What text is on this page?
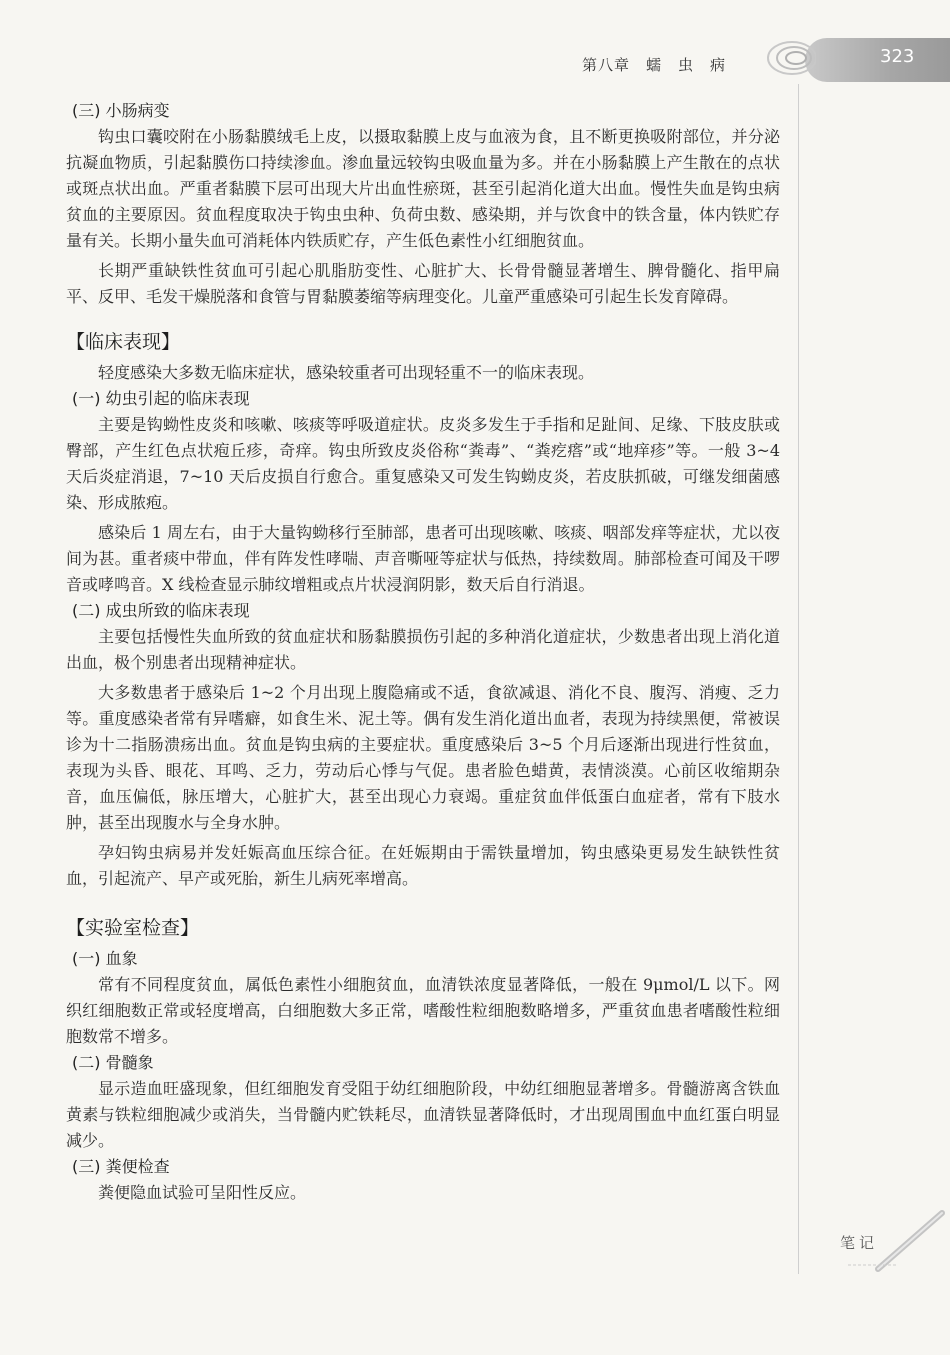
323
第八章　蠕　虫　病

(三) 小肠病变

钩虫口囊咬附在小肠黏膜绒毛上皮，以摄取黏膜上皮与血液为食，且不断更换吸附部位，并分泌抗凝血物质，引起黏膜伤口持续渗血。渗血量远较钩虫吸血量为多。并在小肠黏膜上产生散在的点状或斑点状出血。严重者黏膜下层可出现大片出血性瘀斑，甚至引起消化道大出血。慢性失血是钩虫病贫血的主要原因。贫血程度取决于钩虫虫种、负荷虫数、感染期，并与饮食中的铁含量，体内铁贮存量有关。长期小量失血可消耗体内铁质贮存，产生低色素性小红细胞贫血。

长期严重缺铁性贫血可引起心肌脂肪变性、心脏扩大、长骨骨髓显著增生、脾骨髓化、指甲扁平、反甲、毛发干燥脱落和食管与胃黏膜萎缩等病理变化。儿童严重感染可引起生长发育障碍。

【临床表现】

轻度感染大多数无临床症状，感染较重者可出现轻重不一的临床表现。

(一) 幼虫引起的临床表现

主要是钩蚴性皮炎和咳嗽、咳痰等呼吸道症状。皮炎多发生于手指和足趾间、足缘、下肢皮肤或臀部，产生红色点状疱丘疹，奇痒。钩虫所致皮炎俗称“粪毒”、“粪疙瘩”或“地痒疹”等。一般 3~4 天后炎症消退，7~10 天后皮损自行愈合。重复感染又可发生钩蚴皮炎，若皮肤抓破，可继发细菌感染、形成脓疱。

感染后 1 周左右，由于大量钩蚴移行至肺部，患者可出现咳嗽、咳痰、咽部发痒等症状，尤以夜间为甚。重者痰中带血，伴有阵发性哮喘、声音嘶哑等症状与低热，持续数周。肺部检查可闻及干啰音或哮鸣音。X 线检查显示肺纹增粗或点片状浸润阴影，数天后自行消退。

(二) 成虫所致的临床表现

主要包括慢性失血所致的贫血症状和肠黏膜损伤引起的多种消化道症状，少数患者出现上消化道出血，极个别患者出现精神症状。

大多数患者于感染后 1~2 个月出现上腹隐痛或不适，食欲减退、消化不良、腹泻、消瘦、乏力等。重度感染者常有异嗜癖，如食生米、泥土等。偶有发生消化道出血者，表现为持续黑便，常被误诊为十二指肠溃疡出血。贫血是钩虫病的主要症状。重度感染后 3~5 个月后逐渐出现进行性贫血，表现为头昏、眼花、耳鸣、乏力，劳动后心悸与气促。患者脸色蜡黄，表情淡漠。心前区收缩期杂音，血压偏低，脉压增大，心脏扩大，甚至出现心力衰竭。重症贫血伴低蛋白血症者，常有下肢水肿，甚至出现腹水与全身水肿。

孕妇钩虫病易并发妊娠高血压综合征。在妊娠期由于需铁量增加，钩虫感染更易发生缺铁性贫血，引起流产、早产或死胎，新生儿病死率增高。

【实验室检查】

(一) 血象

常有不同程度贫血，属低色素性小细胞贫血，血清铁浓度显著降低，一般在 9μmol/L 以下。网织红细胞数正常或轻度增高，白细胞数大多正常，嗜酸性粒细胞数略增多，严重贫血患者嗜酸性粒细胞数常不增多。

(二) 骨髓象

显示造血旺盛现象，但红细胞发育受阻于幼红细胞阶段，中幼红细胞显著增多。骨髓游离含铁血黄素与铁粒细胞减少或消失，当骨髓内贮铁耗尽，血清铁显著降低时，才出现周围血中血红蛋白明显减少。

(三) 粪便检查

粪便隐血试验可呈阳性反应。

笔记
